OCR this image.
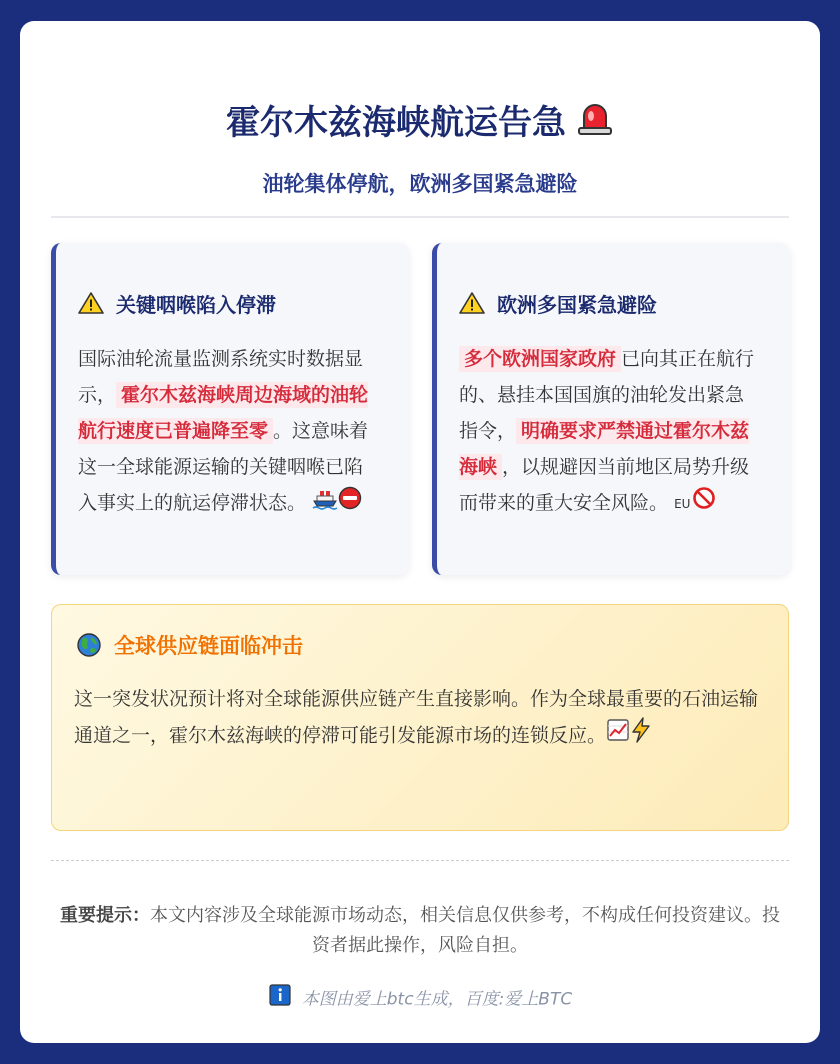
霍尔木兹海峡航运告急
油轮集体停航，欧洲多国紧急避险
关键咽喉陷入停滞
国际油轮流量监测系统实时数据显示， 霍尔木兹海峡周边海域的油轮航行速度已普遍降至零 。这意味着这一全球能源运输的关键咽喉已陷入事实上的航运停滞状态。
欧洲多国紧急避险
多个欧洲国家政府 已向其正在航行的、悬挂本国国旗的油轮发出紧急指令， 明确要求严禁通过霍尔木兹海峡 ，以规避因当前地区局势升级而带来的重大安全风险。 EU
全球供应链面临冲击
这一突发状况预计将对全球能源供应链产生直接影响。作为全球最重要的石油运输通道之一，霍尔木兹海峡的停滞可能引发能源市场的连锁反应。
重要提示：本文内容涉及全球能源市场动态，相关信息仅供参考，不构成任何投资建议。投资者据此操作，风险自担。
本图由爱上btc生成，百度:爱上BTC
